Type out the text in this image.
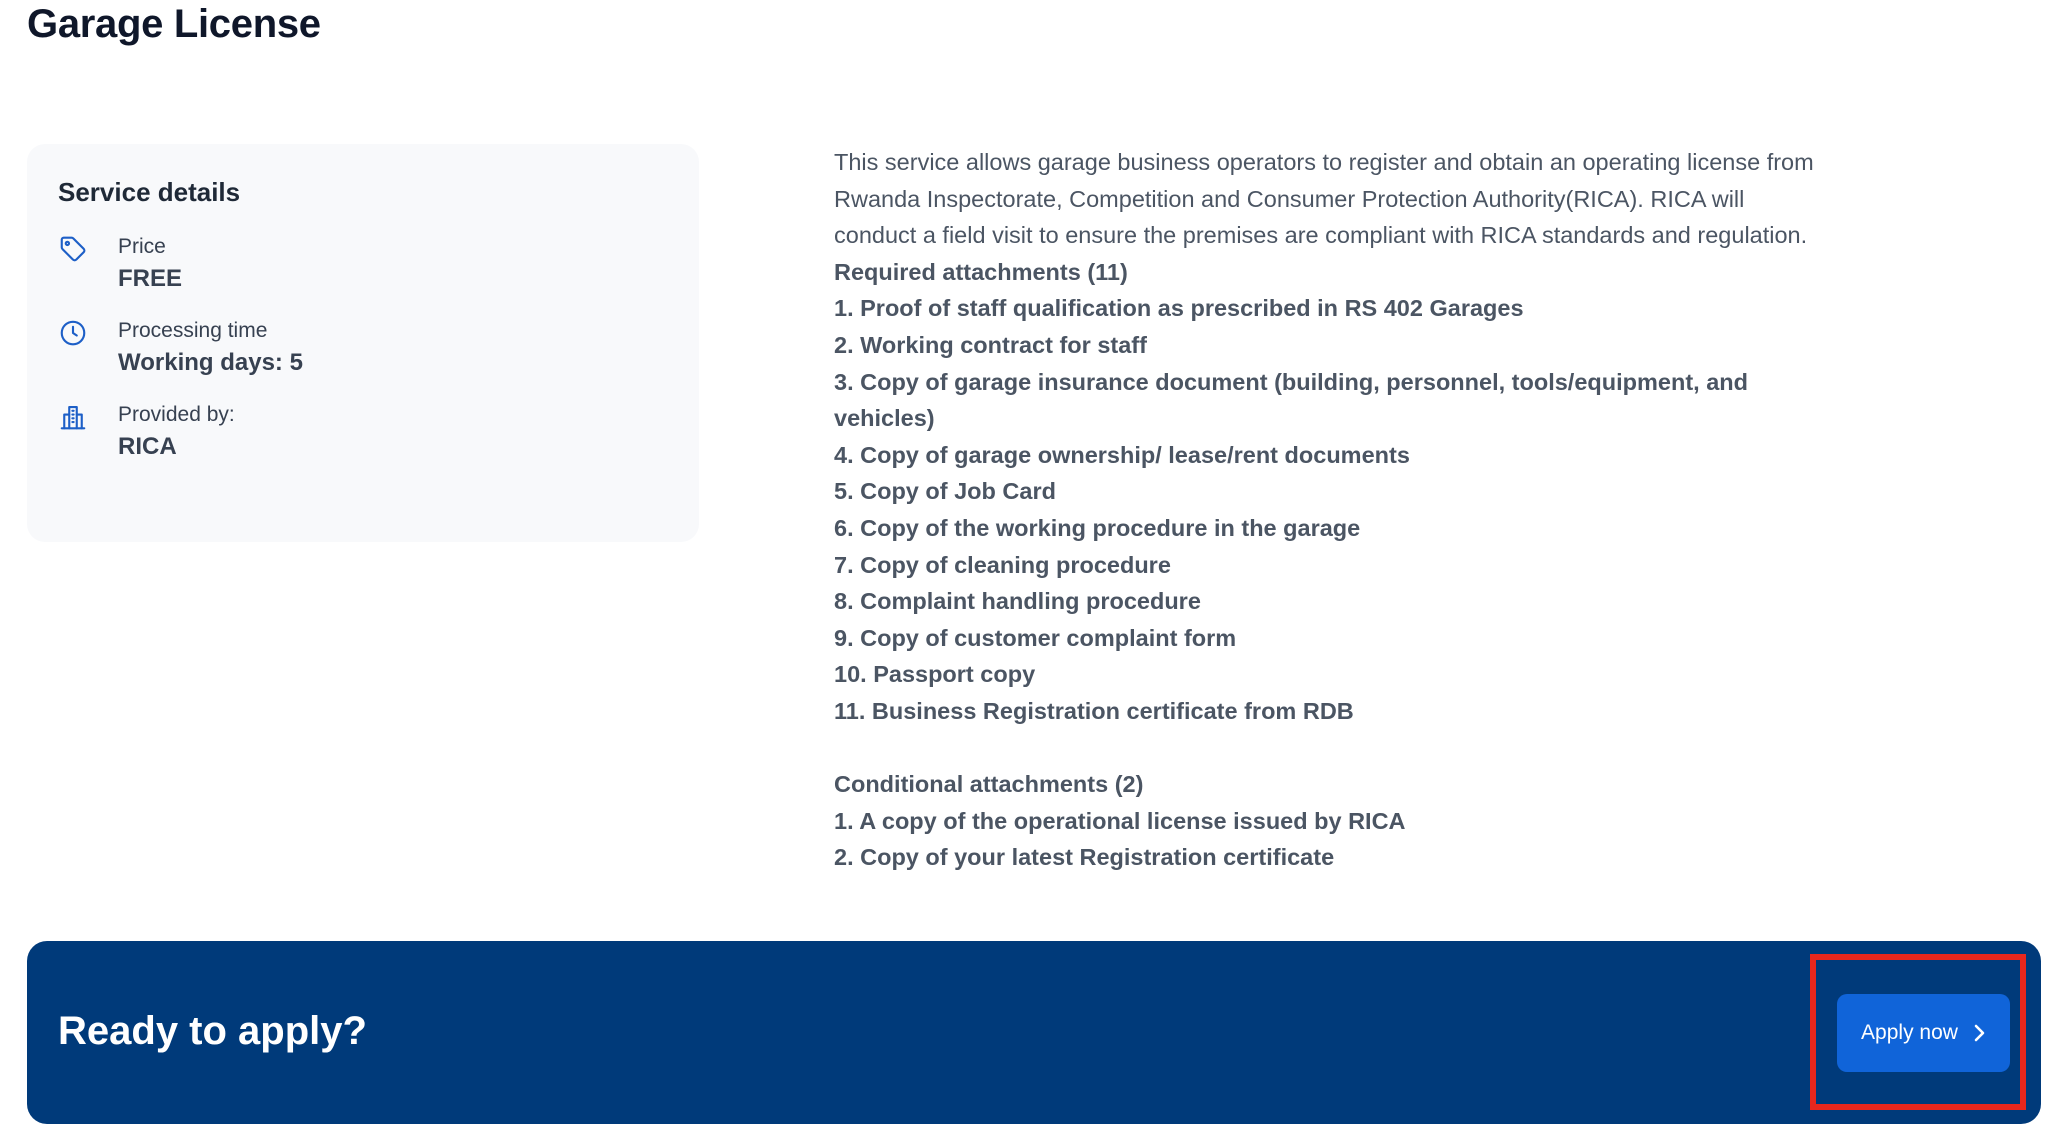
Garage License
Service details
Price
FREE
Processing time
Working days: 5
Provided by:
RICA

This service allows garage business operators to register and obtain an operating license from Rwanda Inspectorate, Competition and Consumer Protection Authority(RICA). RICA will conduct a field visit to ensure the premises are compliant with RICA standards and regulation.

Required attachments (11)
1. Proof of staff qualification as prescribed in RS 402 Garages
2. Working contract for staff
3. Copy of garage insurance document (building, personnel, tools/equipment, and vehicles)
4. Copy of garage ownership/ lease/rent documents
5. Copy of Job Card
6. Copy of the working procedure in the garage
7. Copy of cleaning procedure
8. Complaint handling procedure
9. Copy of customer complaint form
10. Passport copy
11. Business Registration certificate from RDB
Conditional attachments (2)
1. A copy of the operational license issued by RICA
2. Copy of your latest Registration certificate
Ready to apply?	Apply now
